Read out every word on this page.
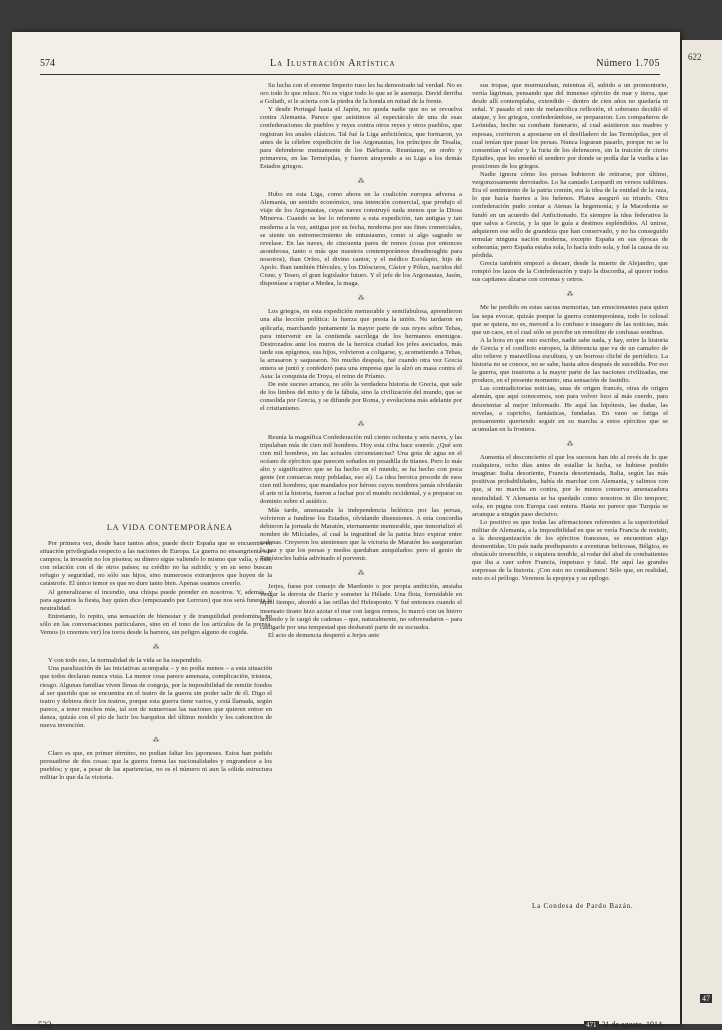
574	La Ilustración Artística	Número 1.705
LA VIDA CONTEMPORÁNEA

Por primera vez, desde hace tantos años, puede decir España que se encuentra en situación privilegiada respecto a las naciones de Europa. La guerra no ensangrienta sus campos; la invasión no los pisotea; su dinero sigue valiendo lo mismo que valía, y más, con relación con el de otros países; su crédito no ha sufrido; y en su seno buscan refugio y seguridad, no sólo sus hijos, sino numerosos extranjeros que huyen de la catástrofe. El único temor es que no dure tanto bien. Apenas osamos creerlo.

Al generalizarse el incendio, una chispa puede prender en nosotros. Y, además, y para aguantos la fiesta, hay quien dice (empezando por Lerroux) que nos será funesta la neutralidad.

Entretanto, lo repito, una sensación de bienestar y de tranquilidad predomina, no sólo en las conversaciones particulares, sino en el tono de los artículos de la prensa. Vemos (o creemos ver) los toros desde la barrera, sin peligro alguno de cogida.

⁂

Y con todo eso, la normalidad de la vida se ha suspendido.

Una paralización de las iniciativas acompaña – y no podía menos – a esta situación que todos declaran nunca vista. La menor cosa parece amenaza, complicación, tristeza, riesgo. Algunas familias viven llenas de congoja, por la imposibilidad de remitir fondos al ser querido que se encuentra en el teatro de la guerra sin poder salir de él. Digo el teatro y debiera decir los teatros, porque esta guerra tiene varios, y está llamada, según parece, a tener muchos más, tal son de numerosas las naciones que quieren entrar en danza, quizás con el pío de lucir los barquitos del último modelo y los cañoncitos de nueva invención.

⁂

Claro es que, en primer término, no podían faltar los japoneses. Estos han podido persuadirse de dos cosas: que la guerra forma las nacionalidades y engrandece a los pueblos; y que, a pesar de las apariencias, no es el número ni aun la sólida estructura militar lo que da la victoria.

Su lucha con el enorme Imperio ruso les ha demostrado tal verdad. No es oro todo lo que reluce. No es vigor todo lo que se le asemeja. David derriba a Goliath, si le acierta con la piedra de la honda en mitad de la frente.

Y desde Portugal hasta el Japón, no queda nadie que no se revuelva contra Alemania. Parece que asistimos al espectáculo de una de esas confederaciones de pueblos y reyes contra otros reyes y otros pueblos, que registran los anales clásicos. Tal fué la Liga anfictiónica, que formaron, ya antes de la célebre expedición de los Argonautas, los príncipes de Tesalia, para defenderse mutuamente de los Bárbaros. Reuníanse, en otoño y primavera, en las Termópilas, y fueron atrayendo a su Liga a los demás Estados griegos.

⁂

Hubo en esta Liga, como ahora en la coalición europea adversa a Alemania, un sentido económico, una intención comercial, que produjo el viaje de los Argonautas, cuyas naves construyó nada menos que la Diosa Minerva. Cuando se lee lo referente a esta expedición, tan antigua y tan moderna a la vez, antigua por su fecha, moderna por sus fines comerciales, se siente un estremecimiento de entusiasmo, como si algo sagrado se revelase. En las naves, de cincuenta pares de remos (cosa por entonces asombrosa, tanto o más que nuestros contemporáneos dreadnoughts para nosotros), iban Orfeo, el divino cantor, y el médico Esculapio, hijo de Apolo. Iban también Hércules, y los Dióscuros, Cástor y Pólux, nacidos del Cisne, y Teseo, el gran legislador futuro. Y el jefe de los Argonautas, Jasón, disponíase a raptar a Medea, la maga.

⁂

Los griegos, en esta expedición memorable y semifabulosa, aprendieron una alta lección política: la fuerza que presta la unión. No tardaron en aplicarla, marchando juntamente la mayor parte de sus reyes sobre Tebas, para intervenir en la contienda sacrílega de los hermanos enemigos. Destrozados ante los muros de la heroica ciudad los jefes asociados, más tarde sus epígonos, sus hijos, volvieron a coligarse, y, acometiendo a Tebas, la arrasaron y saquearon. No mucho después, fué cuando otra vez Grecia entera se juntó y confederó para una empresa que la alzó en masa contra el Asia: la conquista de Troya, el reino de Príamo.

De este suceso arranca, no sólo la verdadera historia de Grecia, que sale de los limbos del mito y de la fábula, sino la civilización del mundo, que se consolida por Grecia, y se difunde por Roma, y evoluciona más adelante por el cristianismo.

⁂

Reunía la magnífica Confederación mil ciento ochenta y seis naves, y las tripulaban más de cien mil hombres. Hoy esta cifra hace sonreír. ¿Qué son cien mil hombres, en las actuales circunstancias? Una gota de agua en el océano de ejércitos que parecen soñados en pesadilla de titanes. Pero lo más alto y significativo que se ha hecho en el mundo, se ha hecho con poca gente (en comarcas muy pobladas, eso sí). La idea heroica procede de esos cien mil hombres, que mandados por héroes cuyos nombres jamás olvidarán el arte ni la historia, fueron a luchar por el mundo occidental, y a preparar su dominio sobre el asiático.

Más tarde, amenazada la independencia helénica por las persas, volvieron a fundirse los Estados, olvidando disensiones. A esta concordia debieron la jornada de Maratón, eternamente memorable, que inmortalizó el nombre de Milcíades, al cual la ingratitud de la patria hizo expirar entre cadenas. Creyeron los atenienses que la victoria de Maratón les asegurarían la paz y que los persas y medos quedaban aniquilados: pero el genio de Temístocles había adivinado el porvenir.

⁂

Jerjes, fuese por consejo de Mardonio o por propia ambición, ansiaba vengar la derrota de Darío y someter la Hélade. Una flota, formidable en aquel tiempo, abordó a las orillas del Helesponto. Y fué entonces cuando el insensato tirano hizo azotar el mar con largos remos, lo marcó con un hierro ardiendo y le cargó de cadenas – que, naturalmente, no sobrenadaron – para castigarle por una tempestad que desbarató parte de su escuadra.

El acto de demencia despertó a Jerjes ante

sus tropas, que murmuraban, mientras él, subido a un promontorio, vertía lágrimas, pensando que del inmenso ejército de mar y tierra, que desde allí contemplaba, extendido – dentro de cien años no quedaría ni señal. Y pasado el rato de melancólica reflexión, el soberano decidió el ataque, y los griegos, confederándose, se prepararon. Los compañeros de Leónidas, hecho su combate funerario, al cual asistieron sus madres y esposas, corrieron a apostarse en el desfiladero de las Termópilas, por el cual tenían que pasar los persas. Nunca lograran pasarlo, porque no se lo consentían el valor y la furia de los defensores, sin la traición de cierto Epialtes, que les enseñó el sendero por donde se podía dar la vuelta a las posiciones de los griegos.

Nadie ignora cómo los persas hubieron de retirarse, por último, vergonzosamente derrotados. Lo ha cantado Leopardi en versos sublimes. Era el sentimiento de la patria común, era la idea de la entidad de la raza, lo que hacía fuertes a los helenos. Platea aseguró su triunfo. Otra confederación pudo contar a Atenas la hegemonía; y la Macedonia se fundó en un acuerdo del Anfictionado. Es siempre la idea federativa la que salva a Grecia, y la que le guía a destinos espléndidos. Al unirse, adquieren ese sello de grandeza que han conservado, y no ha conseguido ermular ninguna nación moderna, excepto España en sus épocas de soberanía; pero España estaba sola, lo hacía todo sola, y fué la causa de su pérdida.

Grecia también empezó a decaer, desde la muerte de Alejandro, que rompió los lazos de la Confederación y trajo la discordia, al querer todos sus capitanes alzarse con coronas y cetros.

⁂

Me he perdido en estas sacras memorias, tan emocionantes para quien las sepa evocar, quizás porque la guerra contemporánea, todo lo colosal que se quiera, no es, merced a lo confuso e inseguro de las noticias, más que un caos, en el cual sólo se percibe un remolino de confusas sombras.

A la hora en que esto escribo, nadie sabe nada, y hay, entre la historia de Grecia y el conflicto europeo, la diferencia que va de un camafeo de alto relieve y maravillosa escultura, y un borroso cliché de periódico. La historia no se conoce, no se sabe, hasta años después de sucedida. Por eso la guerra, que trastorna a la mayor parte de las naciones civilizadas, me produce, en el presente momento, una sensación de fastidio.

Las contradictorias noticias, unas de origen francés, otras de origen alemán, que aquí conocemos, son para volver loco al más cuerdo, para desorientar al mejor informado. He aquí las hipótesis, las dudas, las novelas, a capricho, fantásticas, fundadas. En vano se fatiga el pensamiento queriendo seguir en su marcha a estos ejércitos que se acumulan en la frontera.

⁂

Aumenta el desconcierto el que los sucesos han ido al revés de lo que cualquiera, ocho días antes de estallar la lucha, se hubiese podido imaginar. Italia desoriente, Francia desorientada, Italia, según las más positivas probabilidades, había de marchar con Alemania, y salimos con que, si no marcha en contra, por lo menos conserva amenazadora neutralidad. Y Alemania se ha quedado como nosotros in illo tempore; sola, en pugna con Europa casi entera. Hasta no parece que Turquía se arranque a ningún paso decisivo.

Lo positivo es que todas las afirmaciones referentes a la superioridad militar de Alemania, a la imposibilidad en que se vería Francia de resistir, a la desorganización de los ejércitos franceses, se encuentran algo desmentidas. Un país nada predispuesto a aventuras belicosas, Bélgica, es obstáculo invencible, o siquiera temible, al rodar del alud de combatientes que iba a caer sobre Francia, ímpetuso y fatal. He aquí las grandes sorpresas de la historia. ¡Con esto no contábamos! Sólo que, en realidad, esto es el prólogo. Veremos la epopeya y su epílogo.

La Condesa de Pardo Bazán.
532	471 31 de agosto, 1914.
622
47
